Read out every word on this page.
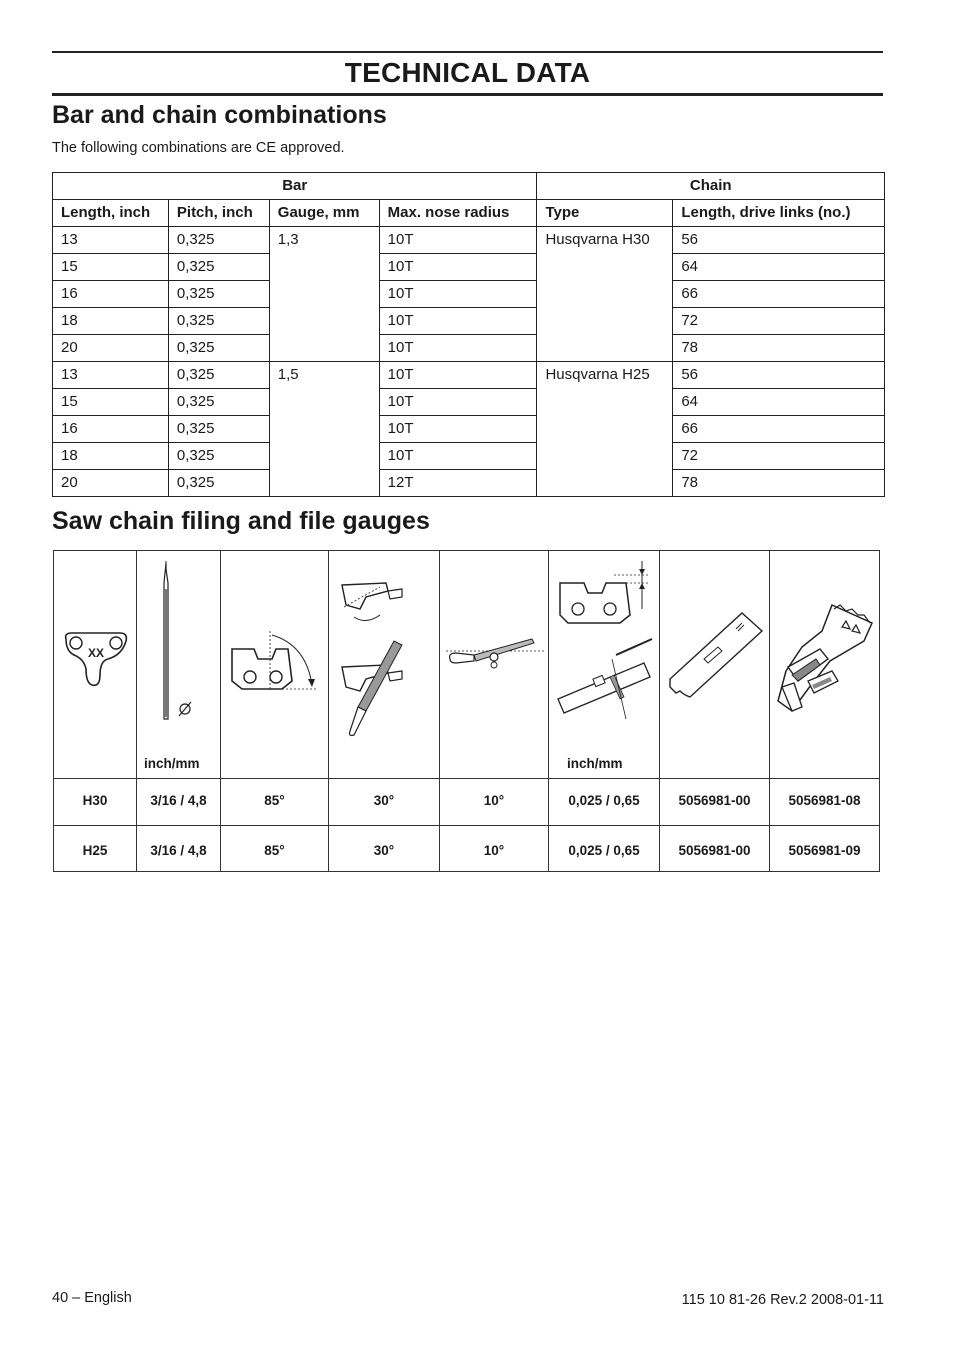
TECHNICAL DATA
Bar and chain combinations
The following combinations are CE approved.
Bar				Chain	
Length, inch	Pitch, inch	Gauge, mm	Max. nose radius	Type	Length, drive links (no.)
13	0,325	1,3	10T	Husqvarna H30	56
15	0,325		10T		64
16	0,325		10T		66
18	0,325		10T		72
20	0,325		10T		78
13	0,325	1,5	10T	Husqvarna H25	56
15	0,325		10T		64
16	0,325		10T		66
18	0,325		10T		72
20	0,325		12T		78
Saw chain filing and file gauges
XX
inch/mm	inch/mm
H30	3/16 / 4,8	85°	30°	10°	0,025 / 0,65	5056981-00	5056981-08
H25	3/16 / 4,8	85°	30°	10°	0,025 / 0,65	5056981-00	5056981-09
40 – English	115 10 81-26 Rev.2 2008-01-11
